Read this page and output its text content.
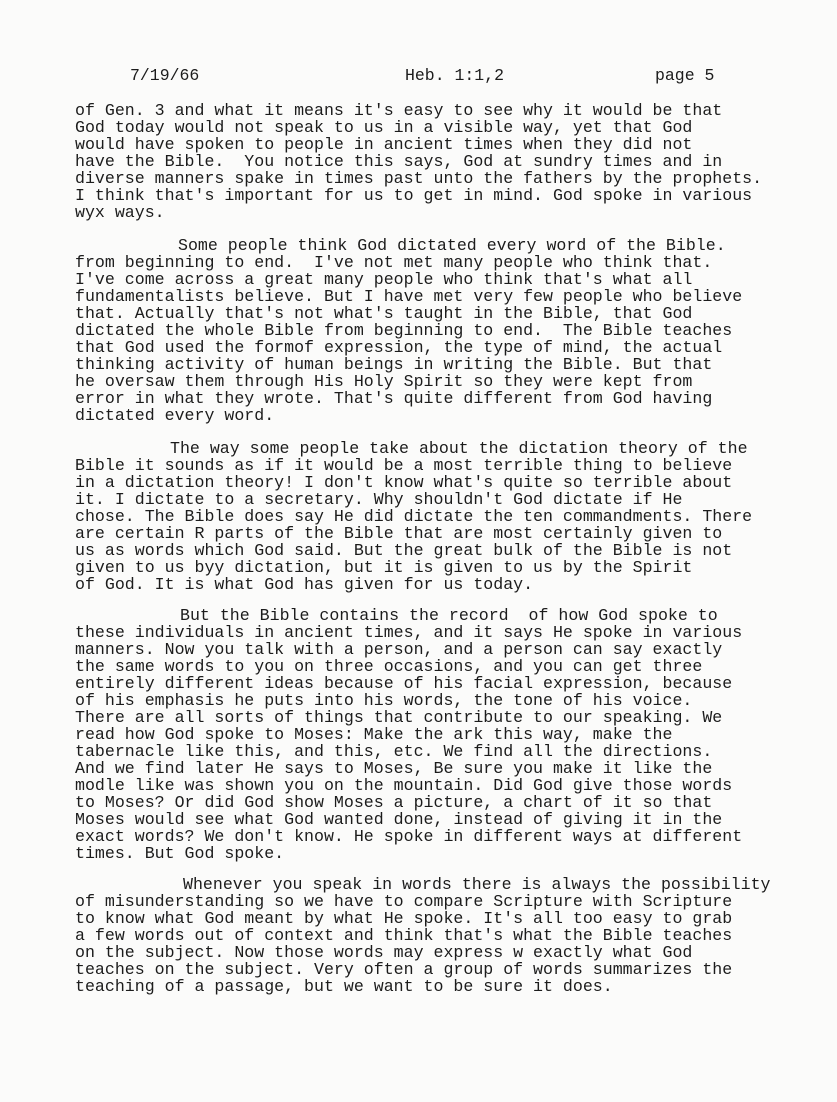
7/19/66	Heb. 1:1,2	page 5
of Gen. 3 and what it means it's easy to see why it would be that
God today would not speak to us in a visible way, yet that God
would have spoken to people in ancient times when they did not
have the Bible.  You notice this says, God at sundry times and in
diverse manners spake in times past unto the fathers by the prophets.
I think that's important for us to get in mind. God spoke in various
wyx ways.
Some people think God dictated every word of the Bible.
from beginning to end.  I've not met many people who think that.
I've come across a great many people who think that's what all
fundamentalists believe. But I have met very few people who believe
that. Actually that's not what's taught in the Bible, that God
dictated the whole Bible from beginning to end.  The Bible teaches
that God used the formof expression, the type of mind, the actual
thinking activity of human beings in writing the Bible. But that
he oversaw them through His Holy Spirit so they were kept from
error in what they wrote. That's quite different from God having
dictated every word.
The way some people take about the dictation theory of the
Bible it sounds as if it would be a most terrible thing to believe
in a dictation theory! I don't know what's quite so terrible about
it. I dictate to a secretary. Why shouldn't God dictate if He
chose. The Bible does say He did dictate the ten commandments. There
are certain R parts of the Bible that are most certainly given to
us as words which God said. But the great bulk of the Bible is not
given to us byy dictation, but it is given to us by the Spirit
of God. It is what God has given for us today.
But the Bible contains the record  of how God spoke to
these individuals in ancient times, and it says He spoke in various
manners. Now you talk with a person, and a person can say exactly
the same words to you on three occasions, and you can get three
entirely different ideas because of his facial expression, because
of his emphasis he puts into his words, the tone of his voice.
There are all sorts of things that contribute to our speaking. We
read how God spoke to Moses: Make the ark this way, make the
tabernacle like this, and this, etc. We find all the directions.
And we find later He says to Moses, Be sure you make it like the
modle like was shown you on the mountain. Did God give those words
to Moses? Or did God show Moses a picture, a chart of it so that
Moses would see what God wanted done, instead of giving it in the
exact words? We don't know. He spoke in different ways at different
times. But God spoke.
Whenever you speak in words there is always the possibility
of misunderstanding so we have to compare Scripture with Scripture
to know what God meant by what He spoke. It's all too easy to grab
a few words out of context and think that's what the Bible teaches
on the subject. Now those words may express w exactly what God
teaches on the subject. Very often a group of words summarizes the
teaching of a passage, but we want to be sure it does.
